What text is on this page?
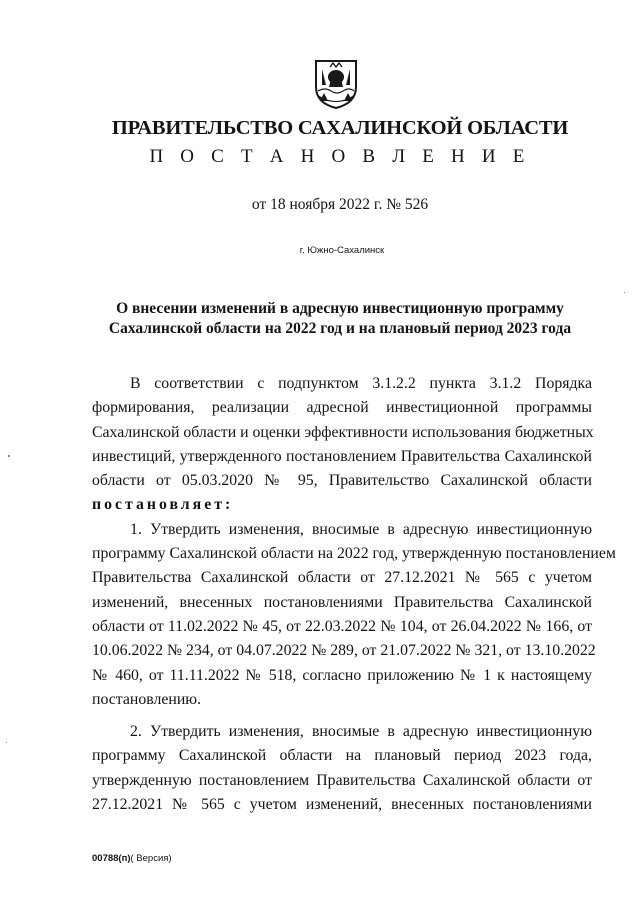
ПРАВИТЕЛЬСТВО САХАЛИНСКОЙ ОБЛАСТИ
П О С Т А Н О В Л Е Н И Е
от 18 ноября 2022 г. № 526
г. Южно-Сахалинск
О внесении изменений в адресную инвестиционную программу
Сахалинской области на 2022 год и на плановый период 2023 года
В соответствии с подпунктом 3.1.2.2 пункта 3.1.2 Порядка
формирования, реализации адресной инвестиционной программы
Сахалинской области и оценки эффективности использования бюджетных
инвестиций, утвержденного постановлением Правительства Сахалинской
области от 05.03.2020 № 95, Правительство Сахалинской области
постановляет:
1. Утвердить изменения, вносимые в адресную инвестиционную
программу Сахалинской области на 2022 год, утвержденную постановлением
Правительства Сахалинской области от 27.12.2021 № 565 с учетом
изменений, внесенных постановлениями Правительства Сахалинской
области от 11.02.2022 № 45, от 22.03.2022 № 104, от 26.04.2022 № 166, от
10.06.2022 № 234, от 04.07.2022 № 289, от 21.07.2022 № 321, от 13.10.2022
№ 460, от 11.11.2022 № 518, согласно приложению № 1 к настоящему
постановлению.
2. Утвердить изменения, вносимые в адресную инвестиционную
программу Сахалинской области на плановый период 2023 года,
утвержденную постановлением Правительства Сахалинской области от
27.12.2021 № 565 с учетом изменений, внесенных постановлениями
00788(п)( Версия)
